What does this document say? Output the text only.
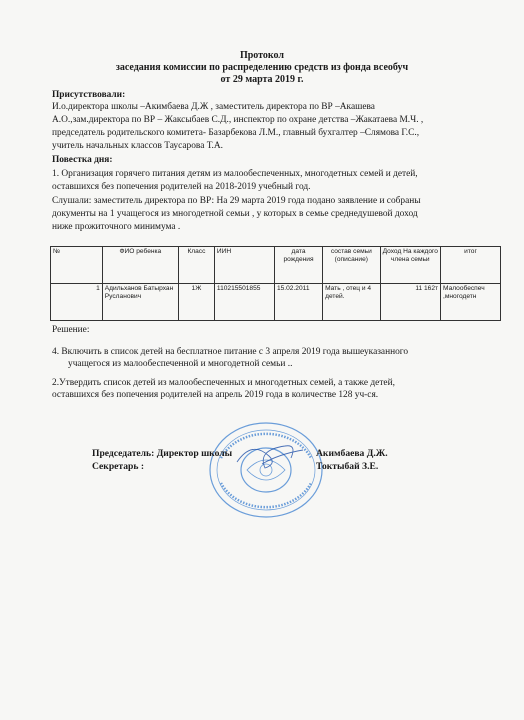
Протокол
заседания комиссии по распределению средств из фонда всеобуч
от 29 марта 2019 г.
Присутствовали:
И.о.директора школы –Акимбаева Д.Ж , заместитель директора по ВР –Акашева
А.О.,зам.директора по ВР – Жаксыбаев С.Д., инспектор по охране детства –Жакатаева М.Ч. ,
председатель родительского комитета- Базарбекова Л.М., главный бухгалтер –Слямова Г.С.,
учитель начальных классов Таусарова Т.А.
Повестка дня:
1. Организация горячего питания детям из малообеспеченных, многодетных семей и детей,
оставшихся без попечения родителей на 2018-2019 учебный год.
Слушали: заместитель директора по ВР: На 29 марта 2019 года подано заявление и собраны
документы на 1 учащегося из многодетной семьи , у которых в семье среднедушевой доход
ниже прожиточного минимума .
№	ФИО ребенка	Класс	ИИН	дата рождения	состав семьи (описание)	Доход На каждого члена семьи	итог
1	Адильханов Батырхан Русланович	1Ж	110215501855	15.02.2011	Мать , отец и 4 детей.	11 162т	Малообеспеч ,многодетн
Решение:
4. Включить в список детей на бесплатное питание с 3 апреля 2019 года вышеуказанного
учащегося из малообеспеченной и многодетной семьи ..
2.Утвердить список детей из малообеспеченных и многодетных семей, а также детей,
оставшихся без попечения родителей на апрель 2019 года в количестве 128 уч-ся.
Председатель: Директор школы	Акимбаева Д.Ж.
Секретарь :	Токтыбай З.Е.
